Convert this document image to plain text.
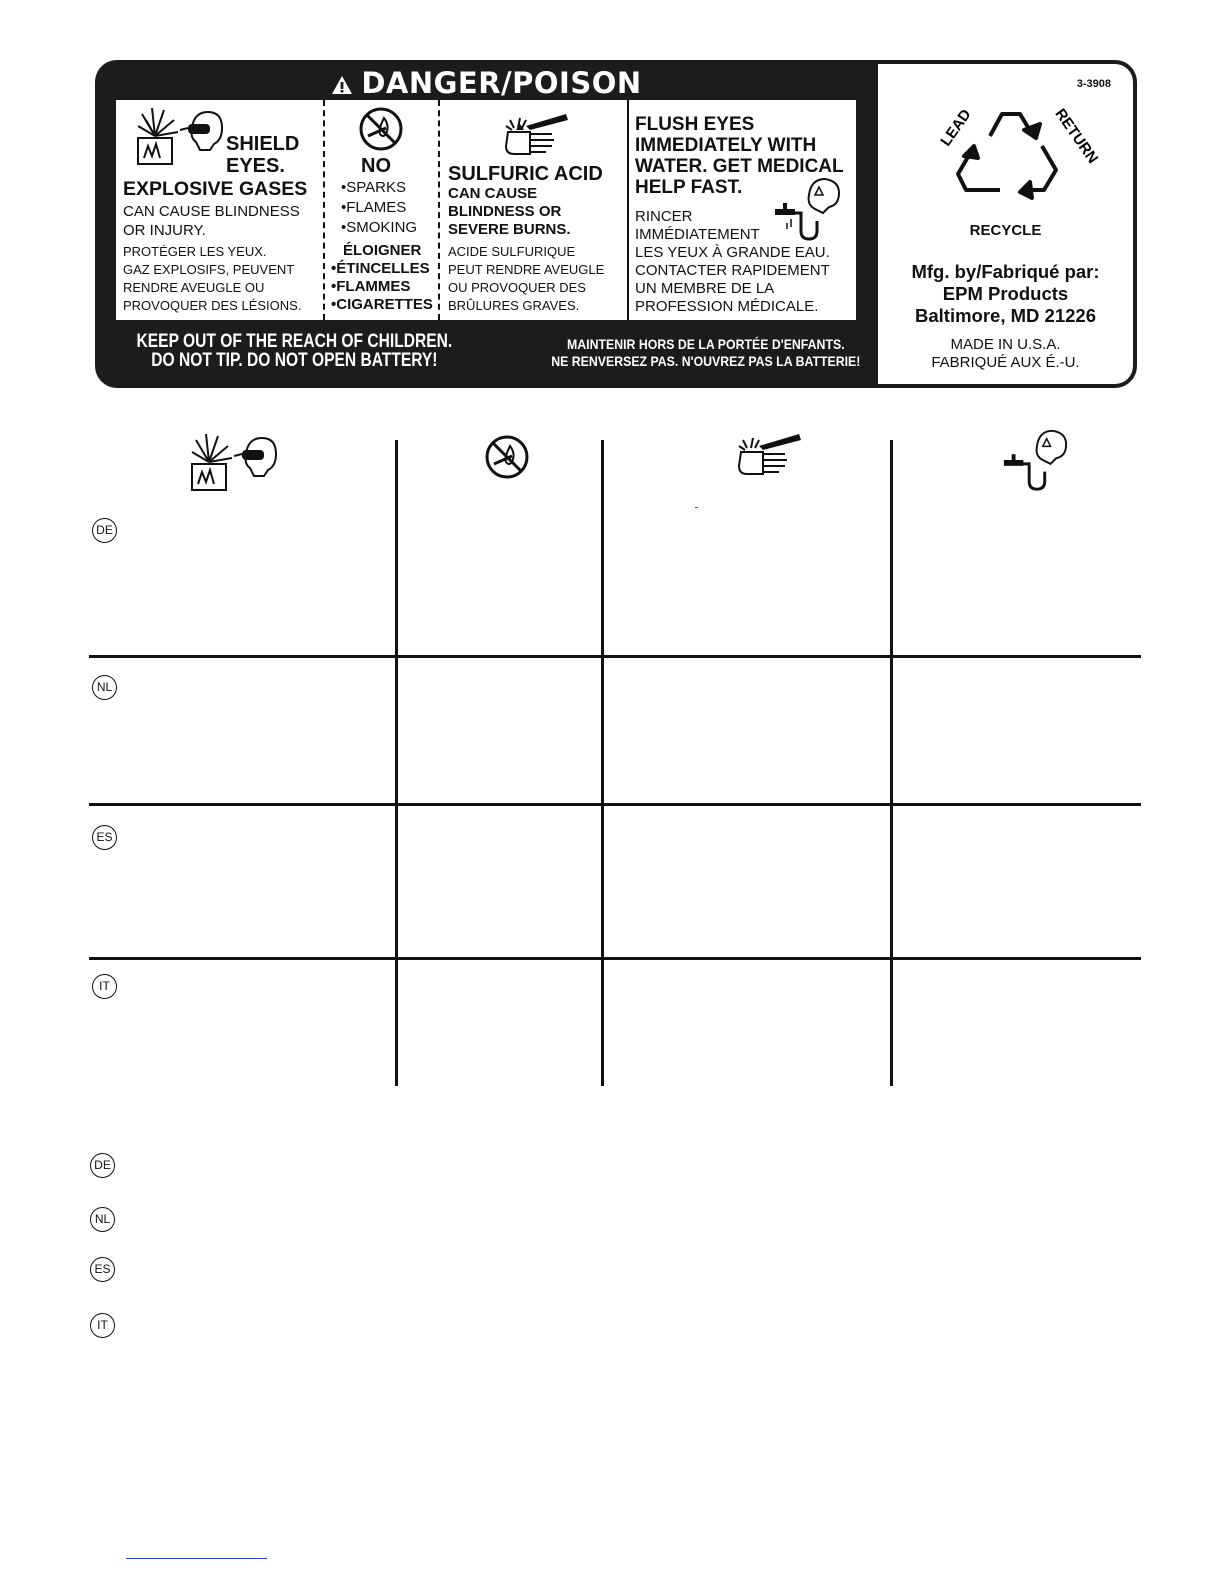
DANGER/POISON
SHIELD
EYES.
EXPLOSIVE GASES
CAN CAUSE BLINDNESS
OR INJURY.
PROTÉGER LES YEUX.
GAZ EXPLOSIFS, PEUVENT
RENDRE AVEUGLE OU
PROVOQUER DES LÉSIONS.
NO
•SPARKS
•FLAMES
•SMOKING
ÉLOIGNER
•ÉTINCELLES
•FLAMMES
•CIGARETTES
SULFURIC ACID
CAN CAUSE
BLINDNESS OR
SEVERE BURNS.
ACIDE SULFURIQUE
PEUT RENDRE AVEUGLE
OU PROVOQUER DES
BRÛLURES GRAVES.
FLUSH EYES
IMMEDIATELY WITH
WATER. GET MEDICAL
HELP FAST.
RINCER
IMMÉDIATEMENT
LES YEUX À GRANDE EAU.
CONTACTER RAPIDEMENT
UN MEMBRE DE LA
PROFESSION MÉDICALE.
KEEP OUT OF THE REACH OF CHILDREN.
DO NOT TIP. DO NOT OPEN BATTERY!
MAINTENIR HORS DE LA PORTÉE D'ENFANTS.
NE RENVERSEZ PAS. N'OUVREZ PAS LA BATTERIE!
3-3908
LEAD	RETURN
RECYCLE
Mfg. by/Fabriqué par:
EPM Products
Baltimore, MD 21226
MADE IN U.S.A.
FABRIQUÉ AUX É.-U.
DE
NL
ES
IT
DE
NL
ES
IT
